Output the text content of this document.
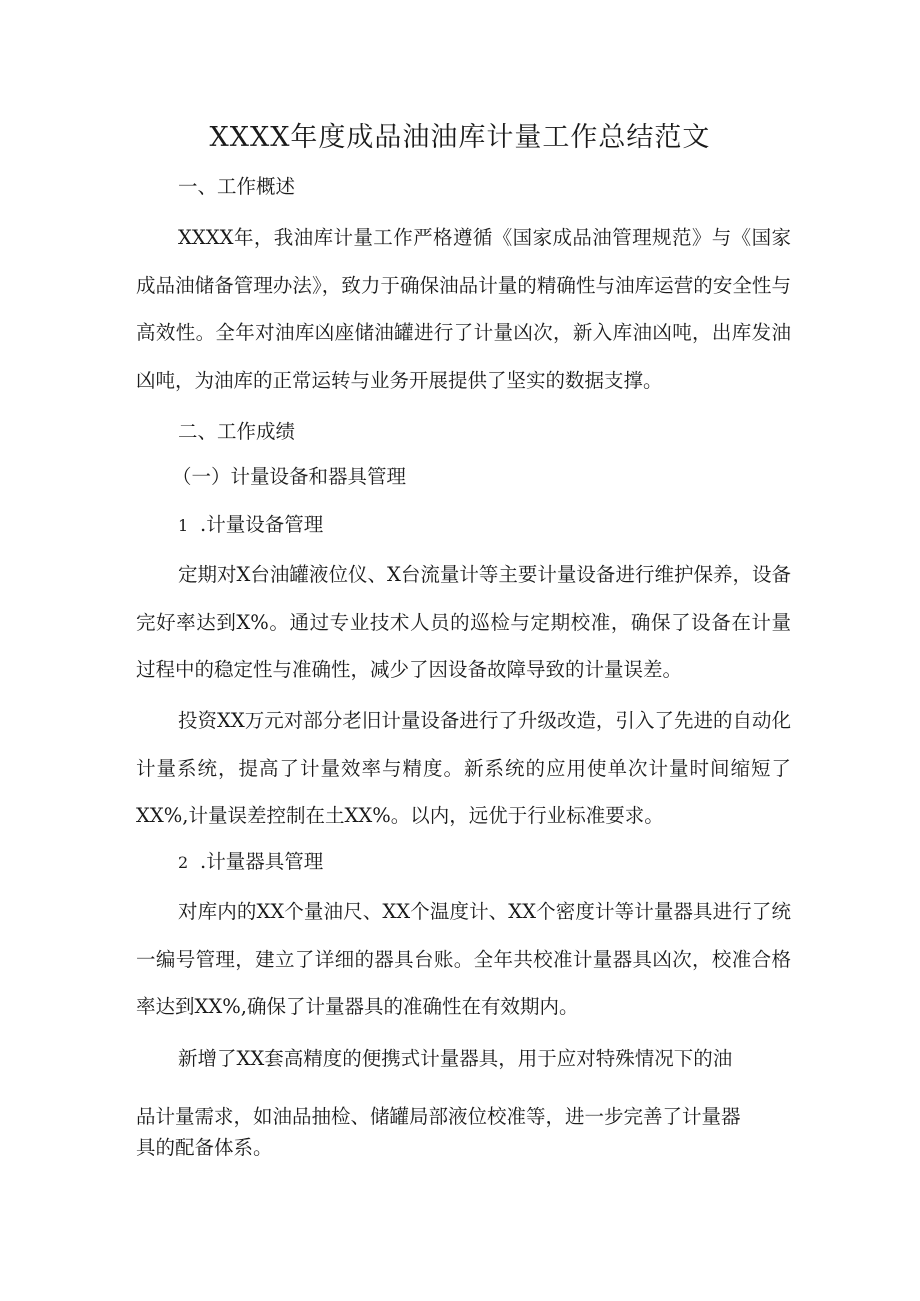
XXXX年度成品油油库计量工作总结范文
一、工作概述
XXXX年，我油库计量工作严格遵循《国家成品油管理规范》与《国家成品油储备管理办法》，致力于确保油品计量的精确性与油库运营的安全性与高效性。全年对油库凶座储油罐进行了计量凶次，新入库油凶吨，出库发油凶吨，为油库的正常运转与业务开展提供了坚实的数据支撑。
二、工作成绩
（一）计量设备和器具管理
1 .计量设备管理
定期对X台油罐液位仪、X台流量计等主要计量设备进行维护保养，设备完好率达到X%。通过专业技术人员的巡检与定期校准，确保了设备在计量过程中的稳定性与准确性，减少了因设备故障导致的计量误差。
投资XX万元对部分老旧计量设备进行了升级改造，引入了先进的自动化计量系统，提高了计量效率与精度。新系统的应用使单次计量时间缩短了XX%,计量误差控制在土XX%。以内，远优于行业标准要求。
2 .计量器具管理
对库内的XX个量油尺、XX个温度计、XX个密度计等计量器具进行了统一编号管理，建立了详细的器具台账。全年共校准计量器具凶次，校准合格率达到XX%,确保了计量器具的准确性在有效期内。
新增了XX套高精度的便携式计量器具，用于应对特殊情况下的油
品计量需求，如油品抽检、储罐局部液位校准等，进一步完善了计量器
具的配备体系。
